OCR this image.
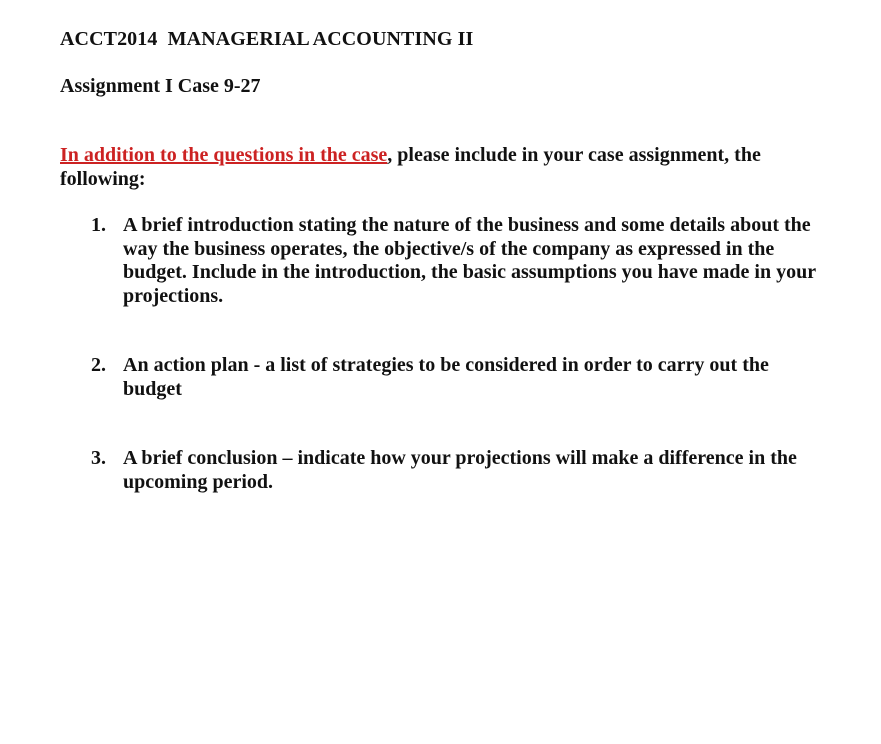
ACCT2014  MANAGERIAL ACCOUNTING II
Assignment I Case 9-27
In addition to the questions in the case, please include in your case assignment, the following:
1. A brief introduction stating the nature of the business and some details about the way the business operates, the objective/s of the company as expressed in the budget. Include in the introduction, the basic assumptions you have made in your projections.
2. An action plan - a list of strategies to be considered in order to carry out the budget
3. A brief conclusion – indicate how your projections will make a difference in the upcoming period.
